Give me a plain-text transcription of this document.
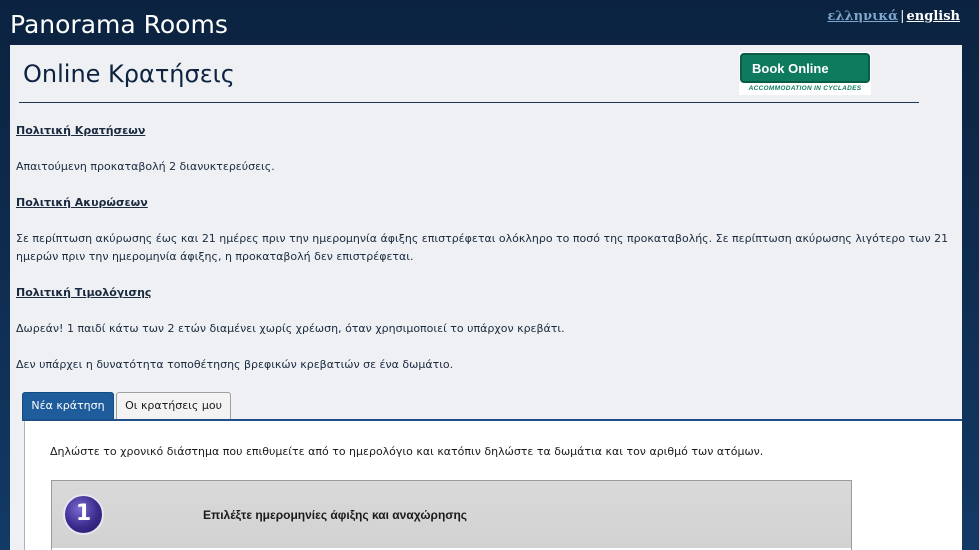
Panorama Rooms	ελληνικά | english
Online Κρατήσεις	Book Online
ACCOMMODATION IN CYCLADES
Πολιτική Κρατήσεων
Απαιτούμενη προκαταβολή 2 διανυκτερεύσεις.
Πολιτική Ακυρώσεων
Σε περίπτωση ακύρωσης έως και 21 ημέρες πριν την ημερομηνία άφιξης επιστρέφεται ολόκληρο το ποσό της προκαταβολής. Σε περίπτωση ακύρωσης λιγότερο των 21 ημερών πριν την ημερομηνία άφιξης, η προκαταβολή δεν επιστρέφεται.
Πολιτική Τιμολόγισης
Δωρεάν! 1 παιδί κάτω των 2 ετών διαμένει χωρίς χρέωση, όταν χρησιμοποιεί το υπάρχον κρεβάτι.
Δεν υπάρχει η δυνατότητα τοποθέτησης βρεφικών κρεβατιών σε ένα δωμάτιο.
Νέα κράτηση	Οι κρατήσεις μου
Δηλώστε το χρονικό διάστημα που επιθυμείτε από το ημερολόγιο και κατόπιν δηλώστε τα δωμάτια και τον αριθμό των ατόμων.
1	Επιλέξτε ημερομηνίες άφιξης και αναχώρησης
